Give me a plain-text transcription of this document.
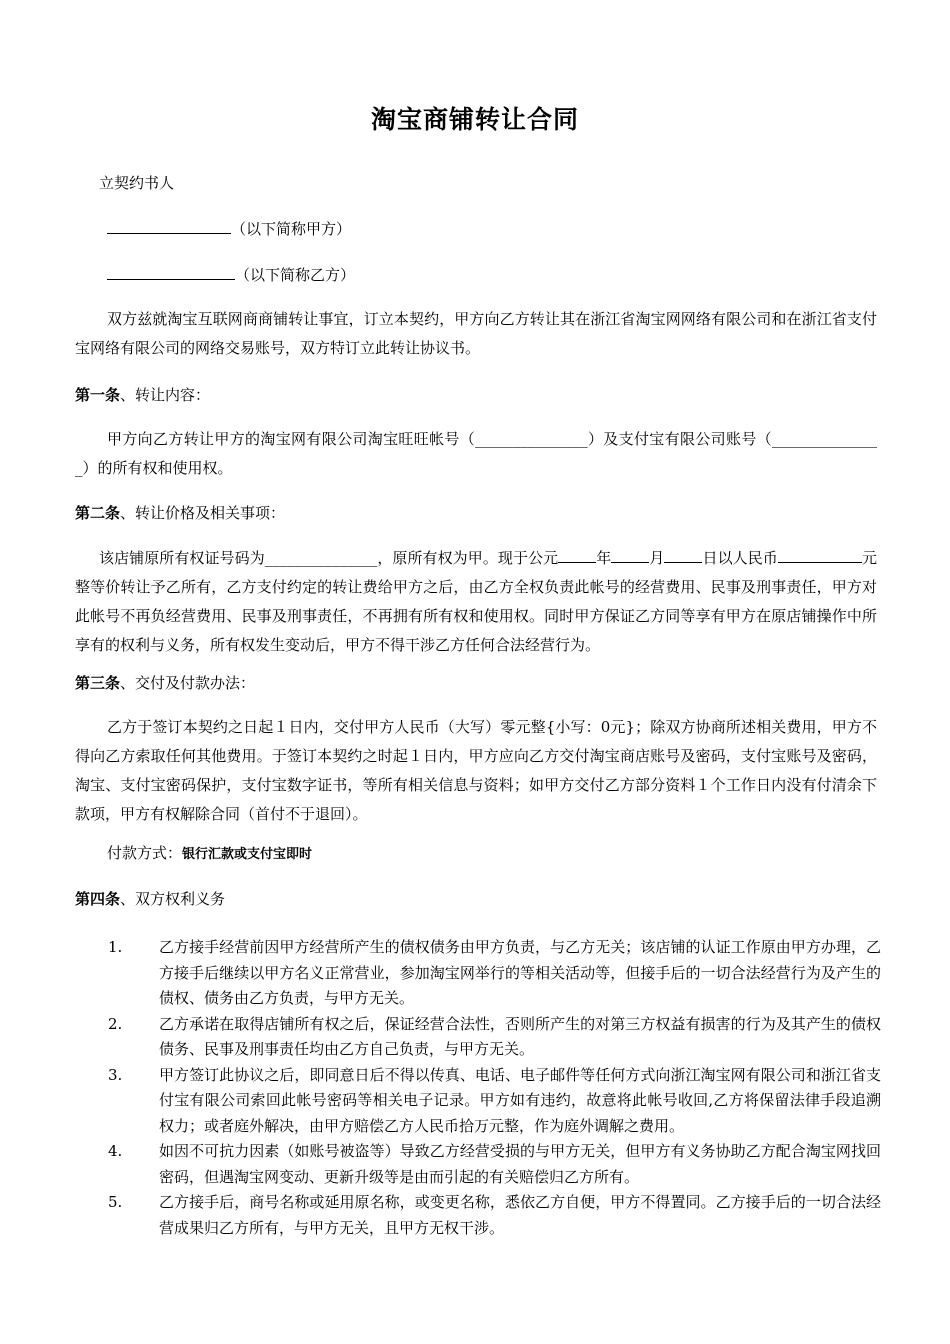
淘宝商铺转让合同
立契约书人
（以下简称甲方）
（以下简称乙方）
双方兹就淘宝互联网商商铺转让事宜，订立本契约，甲方向乙方转让其在浙江省淘宝网网络有限公司和在浙江省支付宝网络有限公司的网络交易账号，双方特订立此转让协议书。
第一条、转让内容：
甲方向乙方转让甲方的淘宝网有限公司淘宝旺旺帐号（_______________）及支付宝有限公司账号（_______________）的所有权和使用权。
第二条、转让价格及相关事项：
该店铺原所有权证号码为_______________，原所有权为甲。现于公元	年	月	日以人民币	元整等价转让予乙所有，乙方支付约定的转让费给甲方之后，由乙方全权负责此帐号的经营费用、民事及刑事责任，甲方对此帐号不再负经营费用、民事及刑事责任，不再拥有所有权和使用权。同时甲方保证乙方同等享有甲方在原店铺操作中所享有的权利与义务，所有权发生变动后，甲方不得干涉乙方任何合法经营行为。
第三条、交付及付款办法：
乙方于签订本契约之日起１日内，交付甲方人民币（大写）零元整{小写：0元}；除双方协商所述相关费用，甲方不得向乙方索取任何其他费用。于签订本契约之时起１日内，甲方应向乙方交付淘宝商店账号及密码，支付宝账号及密码，淘宝、支付宝密码保护，支付宝数字证书，等所有相关信息与资料；如甲方交付乙方部分资料１个工作日内没有付清余下款项，甲方有权解除合同（首付不于退回）。
付款方式：银行汇款或支付宝即时
第四条、双方权利义务
1. 乙方接手经营前因甲方经营所产生的债权债务由甲方负责，与乙方无关；该店铺的认证工作原由甲方办理，乙方接手后继续以甲方名义正常营业，参加淘宝网举行的等相关活动等，但接手后的一切合法经营行为及产生的债权、债务由乙方负责，与甲方无关。
2. 乙方承诺在取得店铺所有权之后，保证经营合法性，否则所产生的对第三方权益有损害的行为及其产生的债权债务、民事及刑事责任均由乙方自己负责，与甲方无关。
3. 甲方签订此协议之后，即同意日后不得以传真、电话、电子邮件等任何方式向浙江淘宝网有限公司和浙江省支付宝有限公司索回此帐号密码等相关电子记录。甲方如有违约，故意将此帐号收回,乙方将保留法律手段追溯权力；或者庭外解决，由甲方赔偿乙方人民币拾万元整，作为庭外调解之费用。
4. 如因不可抗力因素（如账号被盗等）导致乙方经营受损的与甲方无关，但甲方有义务协助乙方配合淘宝网找回密码，但遇淘宝网变动、更新升级等是由而引起的有关赔偿归乙方所有。
5. 乙方接手后，商号名称或延用原名称，或变更名称，悉依乙方自便，甲方不得置同。乙方接手后的一切合法经营成果归乙方所有，与甲方无关，且甲方无权干涉。
